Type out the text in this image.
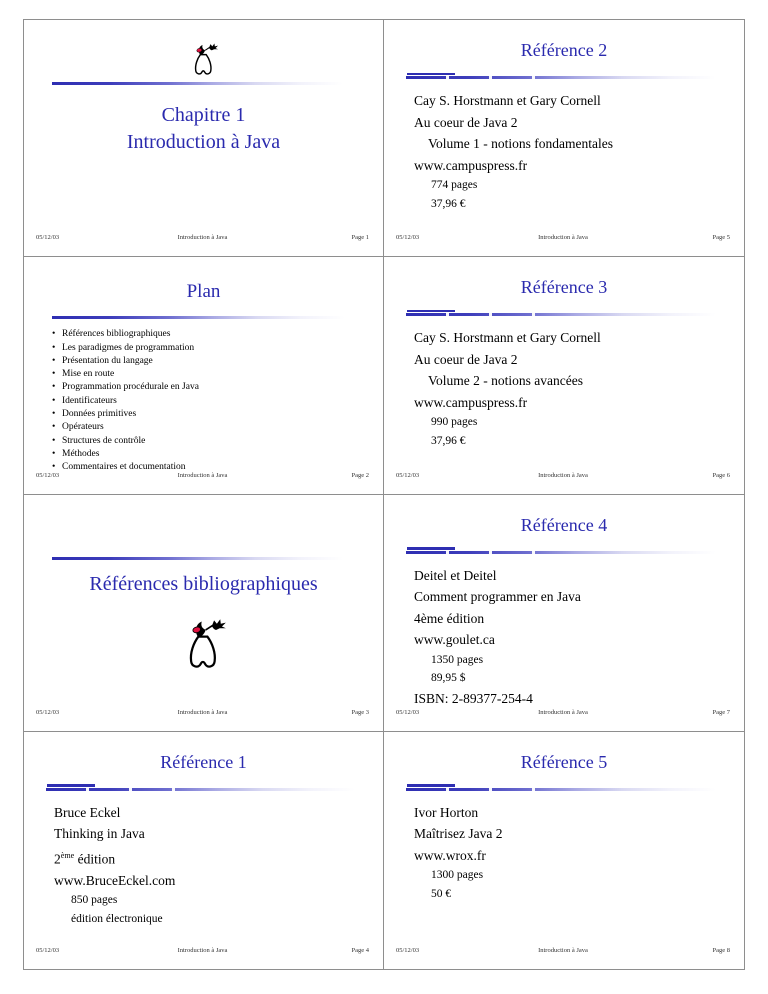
Chapitre 1
Introduction à Java
05/12/03	Introduction à Java	Page 1
Référence 2
Cay S. Horstmann et Gary Cornell
Au coeur de Java 2
Volume 1 - notions fondamentales
www.campuspress.fr
774 pages
37,96 €
05/12/03	Introduction à Java	Page 5
Plan
• Références bibliographiques
• Les paradigmes de programmation
• Présentation du langage
• Mise en route
• Programmation procédurale en Java
• Identificateurs
• Données primitives
• Opérateurs
• Structures de contrôle
• Méthodes
• Commentaires et documentation
05/12/03	Introduction à Java	Page 2
Référence 3
Cay S. Horstmann et Gary Cornell
Au coeur de Java 2
Volume 2 - notions avancées
www.campuspress.fr
990 pages
37,96 €
05/12/03	Introduction à Java	Page 6
Références bibliographiques
05/12/03	Introduction à Java	Page 3
Référence 4
Deitel et Deitel
Comment programmer en Java
4ème édition
www.goulet.ca
1350 pages
89,95 $
ISBN: 2-89377-254-4
05/12/03	Introduction à Java	Page 7
Référence 1
Bruce Eckel
Thinking in Java
2ème édition
www.BruceEckel.com
850 pages
édition électronique
05/12/03	Introduction à Java	Page 4
Référence 5
Ivor Horton
Maîtrisez Java 2
www.wrox.fr
1300 pages
50 €
05/12/03	Introduction à Java	Page 8
